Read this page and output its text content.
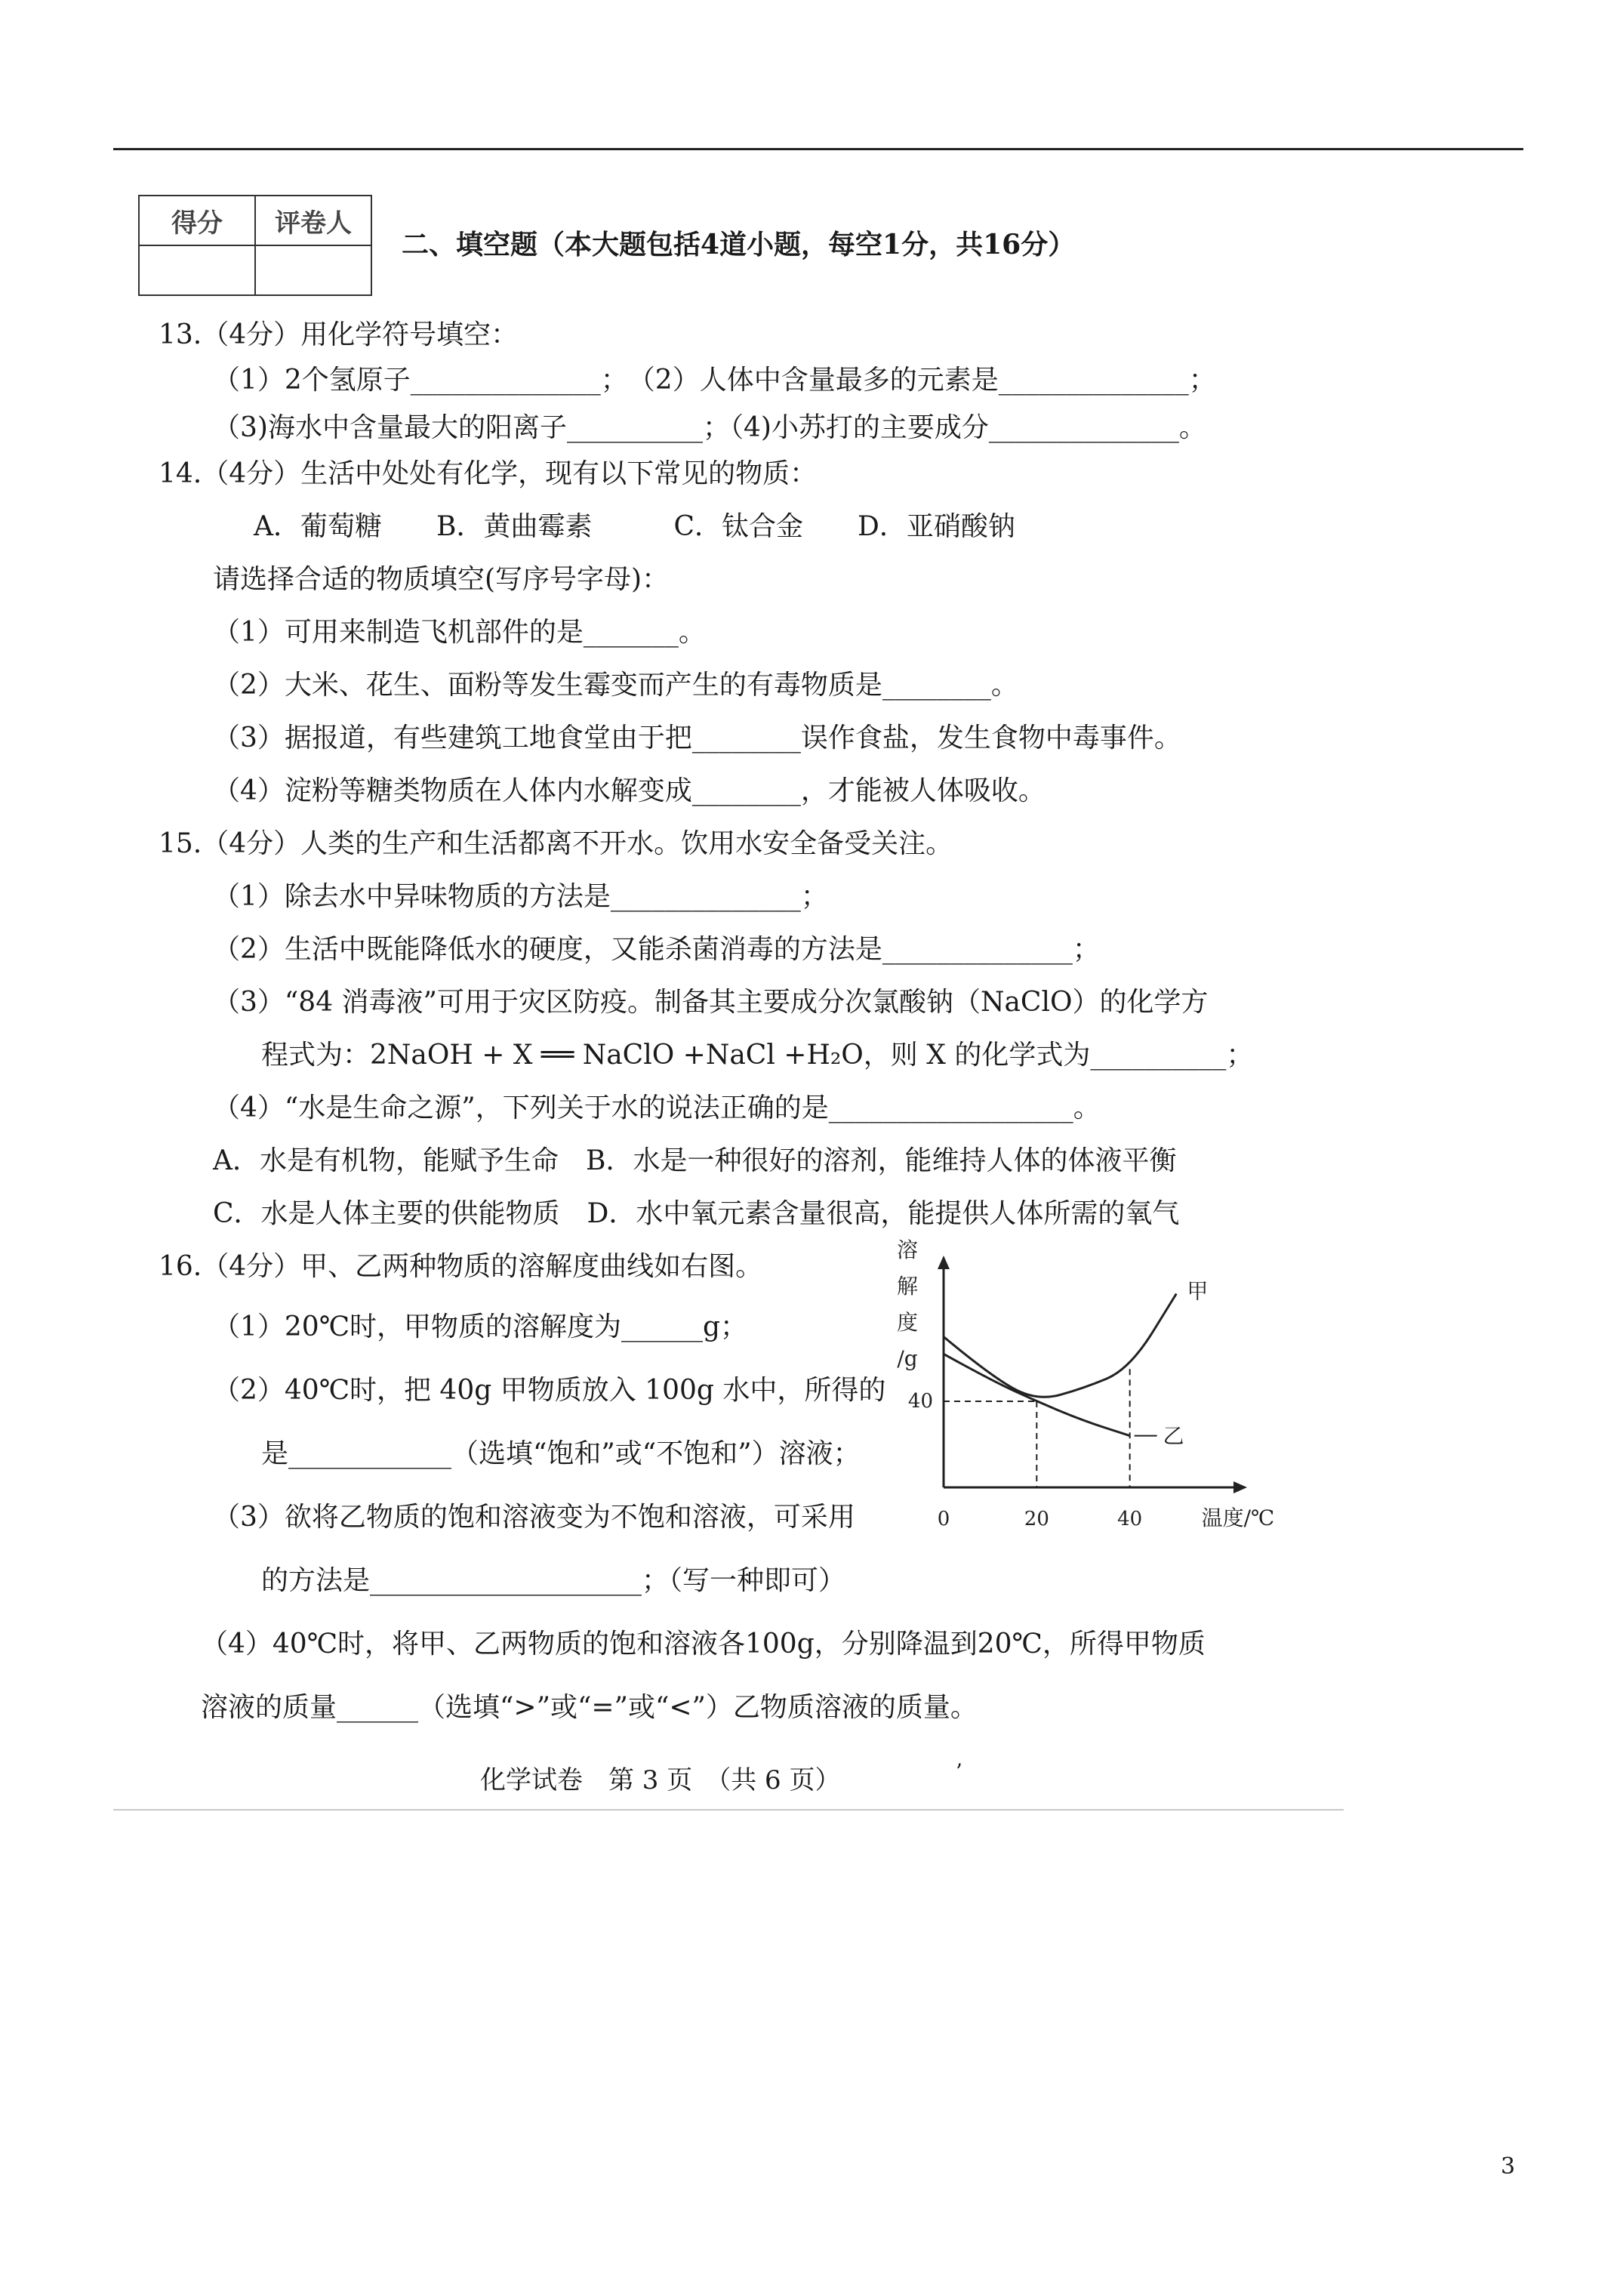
得分	评卷人

二、填空题（本大题包括4道小题，每空1分，共16分）
13.（4分）用化学符号填空：
（1）2个氢原子______________；　（2）人体中含量最多的元素是______________；
（3)海水中含量最大的阳离子__________；（4)小苏打的主要成分______________。
14.（4分）生活中处处有化学，现有以下常见的物质：
A．葡萄糖　　B．黄曲霉素　　　C．钛合金　　D．亚硝酸钠
请选择合适的物质填空(写序号字母)：
（1）可用来制造飞机部件的是_______。
（2）大米、花生、面粉等发生霉变而产生的有毒物质是________。
（3）据报道，有些建筑工地食堂由于把________误作食盐，发生食物中毒事件。
（4）淀粉等糖类物质在人体内水解变成________，才能被人体吸收。
15.（4分）人类的生产和生活都离不开水。饮用水安全备受关注。
（1）除去水中异味物质的方法是______________；
（2）生活中既能降低水的硬度，又能杀菌消毒的方法是______________；
（3）“84 消毒液”可用于灾区防疫。制备其主要成分次氯酸钠（NaClO）的化学方
程式为：2NaOH + X ══ NaClO +NaCl +H₂O，则 X 的化学式为__________；
（4）“水是生命之源”，下列关于水的说法正确的是__________________。
A．水是有机物，能赋予生命　B．水是一种很好的溶剂，能维持人体的体液平衡
C．水是人体主要的供能物质　D．水中氧元素含量很高，能提供人体所需的氧气
16.（4分）甲、乙两种物质的溶解度曲线如右图。
（1）20℃时，甲物质的溶解度为______g；
（2）40℃时，把 40g 甲物质放入 100g 水中，所得的
是____________（选填“饱和”或“不饱和”）溶液；
（3）欲将乙物质的饱和溶液变为不饱和溶液，可采用
的方法是____________________；（写一种即可）
（4）40℃时，将甲、乙两物质的饱和溶液各100g，分别降温到20℃，所得甲物质
溶液的质量______（选填“>”或“=”或“<”）乙物质溶液的质量。
溶
解
度
/g
温度/℃
0	20	40
40
甲
乙
化学试卷　第 3 页　（共 6 页）	’
3
